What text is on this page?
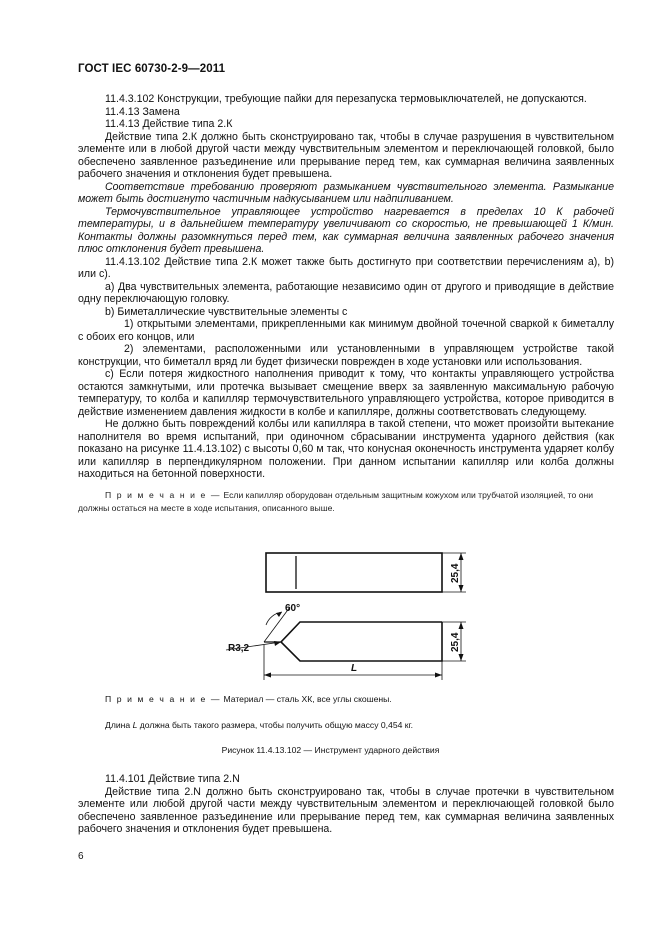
ГОСТ IEC 60730-2-9—2011

11.4.3.102 Конструкции, требующие пайки для перезапуска термовыключателей, не допускаются.

11.4.13 Замена

11.4.13 Действие типа 2.К

Действие типа 2.К должно быть сконструировано так, чтобы в случае разрушения в чувствительном элементе или в любой другой части между чувствительным элементом и переключающей головкой, было обеспечено заявленное разъединение или прерывание перед тем, как суммарная величина заявленных рабочего значения и отклонения будет превышена.

Соответствие требованию проверяют размыканием чувствительного элемента. Размыкание может быть достигнуто частичным надкусыванием или надпиливанием.

Термочувствительное управляющее устройство нагревается в пределах 10 К рабочей температуры, и в дальнейшем температуру увеличивают со скоростью, не превышающей 1 К/мин. Контакты должны разомкнуться перед тем, как суммарная величина заявленных рабочего значения плюс отклонения будет превышена.

11.4.13.102 Действие типа 2.К может также быть достигнуто при соответствии перечислениям а), b) или с).

а) Два чувствительных элемента, работающие независимо один от другого и приводящие в действие одну переключающую головку.

b) Биметаллические чувствительные элементы с

1) открытыми элементами, прикрепленными как минимум двойной точечной сваркой к биметаллу с обоих его концов, или

2) элементами, расположенными или установленными в управляющем устройстве такой конструкции, что биметалл вряд ли будет физически поврежден в ходе установки или использования.

с) Если потеря жидкостного наполнения приводит к тому, что контакты управляющего устройства остаются замкнутыми, или протечка вызывает смещение вверх за заявленную максимальную рабочую температуру, то колба и капилляр термочувствительного управляющего устройства, которое приводится в действие изменением давления жидкости в колбе и капилляре, должны соответствовать следующему.

Не должно быть повреждений колбы или капилляра в такой степени, что может произойти вытекание наполнителя во время испытаний, при одиночном сбрасывании инструмента ударного действия (как показано на рисунке 11.4.13.102) с высоты 0,60 м так, что конусная оконечность инструмента ударяет колбу или капилляр в перпендикулярном положении. При данном испытании капилляр или колба должны находиться на бетонной поверхности.

П р и м е ч а н и е — Если капилляр оборудован отдельным защитным кожухом или трубчатой изоляцией, то они должны остаться на месте в ходе испытания, описанного выше.

25,4
60°
R3,2	25,4
L
П р и м е ч а н и е — Материал — сталь ХК, все углы скошены.
Длина L должна быть такого размера, чтобы получить общую массу 0,454 кг.
Рисунок 11.4.13.102 — Инструмент ударного действия

11.4.101 Действие типа 2.N

Действие типа 2.N должно быть сконструировано так, чтобы в случае протечки в чувствительном элементе или любой другой части между чувствительным элементом и переключающей головкой было обеспечено заявленное разъединение или прерывание перед тем, как суммарная величина заявленных рабочего значения и отклонения будет превышена.

6
